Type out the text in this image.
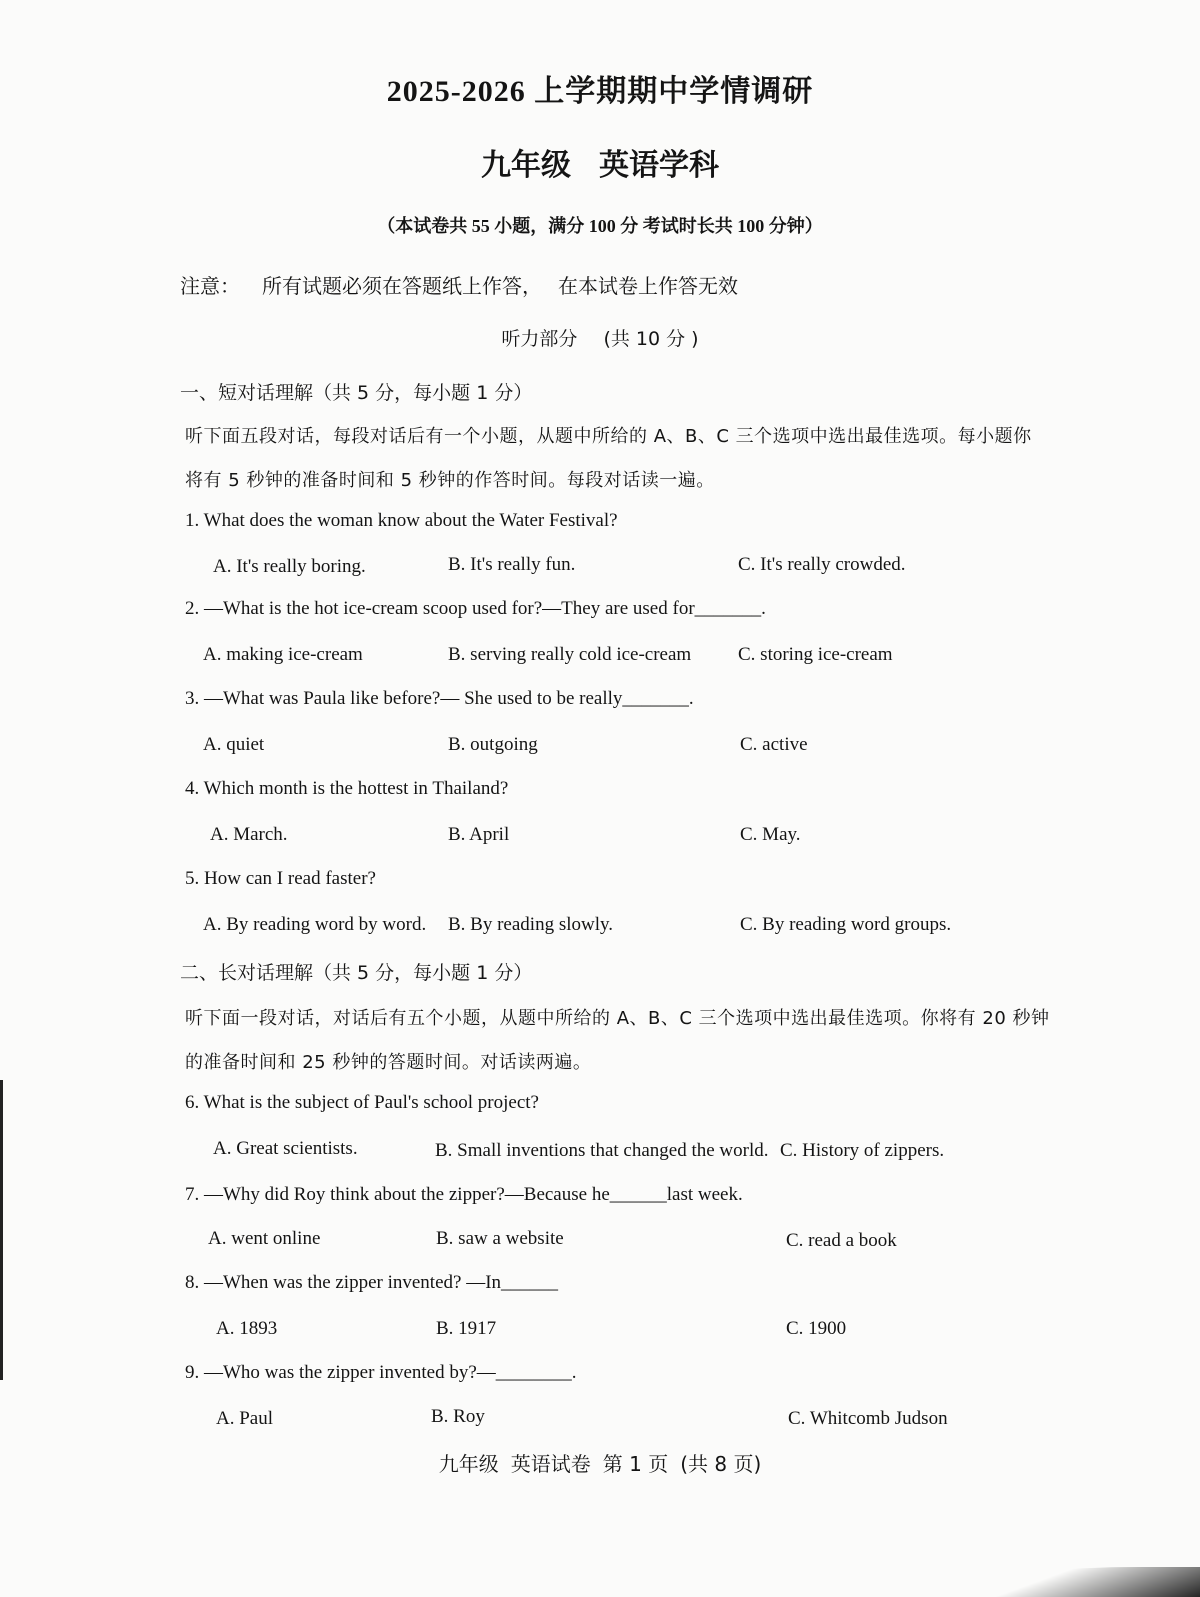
2025-2026 上学期期中学情调研
九年级 英语学科
（本试卷共 55 小题，满分 100 分 考试时长共 100 分钟）
注意： 所有试题必须在答题纸上作答， 在本试卷上作答无效
听力部分 (共 10 分 )
一、短对话理解（共 5 分，每小题 1 分）
听下面五段对话，每段对话后有一个小题，从题中所给的 A、B、C 三个选项中选出最佳选项。每小题你
将有 5 秒钟的准备时间和 5 秒钟的作答时间。每段对话读一遍。
1. What does the woman know about the Water Festival?
A. It's really boring.	B. It's really fun.	C. It's really crowded.
2. —What is the hot ice-cream scoop used for?—They are used for_______.
A. making ice-cream	B. serving really cold ice-cream C. storing ice-cream
3. —What was Paula like before?— She used to be really_______.
A. quiet	B. outgoing	C. active
4. Which month is the hottest in Thailand?
A. March.	B. April	C. May.
5. How can I read faster?
A. By reading word by word. B. By reading slowly.	C. By reading word groups.
二、长对话理解（共 5 分，每小题 1 分）
听下面一段对话，对话后有五个小题，从题中所给的 A、B、C 三个选项中选出最佳选项。你将有 20 秒钟
的准备时间和 25 秒钟的答题时间。对话读两遍。
6. What is the subject of Paul's school project?
A. Great scientists.	B. Small inventions that changed the world. C. History of zippers.
7. —Why did Roy think about the zipper?—Because he______last week.
A. went online	B. saw a website	C. read a book
8. —When was the zipper invented? —In______
A. 1893	B. 1917	C. 1900
9. —Who was the zipper invented by?—________.
A. Paul	B. Roy	C. Whitcomb Judson
九年级 英语试卷 第 1 页 (共 8 页)
